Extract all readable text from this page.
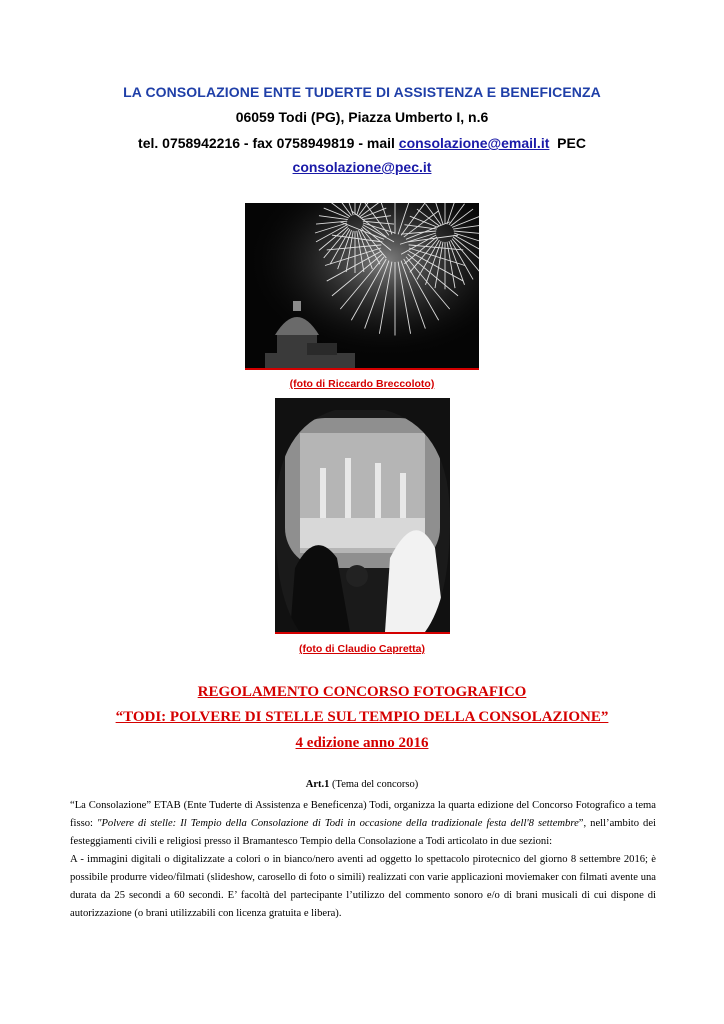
LA CONSOLAZIONE ENTE TUDERTE DI ASSISTENZA E BENEFICENZA
06059 Todi (PG), Piazza Umberto I, n.6
tel. 0758942216 - fax 0758949819 - mail consolazione@email.it  PEC
consolazione@pec.it
(foto di Riccardo Breccoloto)
(foto di Claudio Capretta)
REGOLAMENTO CONCORSO FOTOGRAFICO
“TODI: POLVERE DI STELLE SUL TEMPIO DELLA CONSOLAZIONE”
4 edizione anno 2016
Art.1 (Tema del concorso)

“La Consolazione” ETAB (Ente Tuderte di Assistenza e Beneficenza) Todi, organizza la quarta edizione del Concorso Fotografico a tema fisso: "Polvere di stelle: Il Tempio della Consolazione di Todi in occasione della tradizionale festa dell'8 settembre”, nell’ambito dei festeggiamenti civili e religiosi presso il Bramantesco Tempio della Consolazione a Todi articolato in due sezioni:

A - immagini digitali o digitalizzate a colori o in bianco/nero aventi ad oggetto lo spettacolo pirotecnico del giorno 8 settembre 2016; è possibile produrre video/filmati (slideshow, carosello di foto o simili) realizzati con varie applicazioni moviemaker con filmati avente una durata da 25 secondi a 60 secondi. E’ facoltà del partecipante l’utilizzo del commento sonoro e/o di brani musicali di cui dispone di autorizzazione (o brani utilizzabili con licenza gratuita e libera).
